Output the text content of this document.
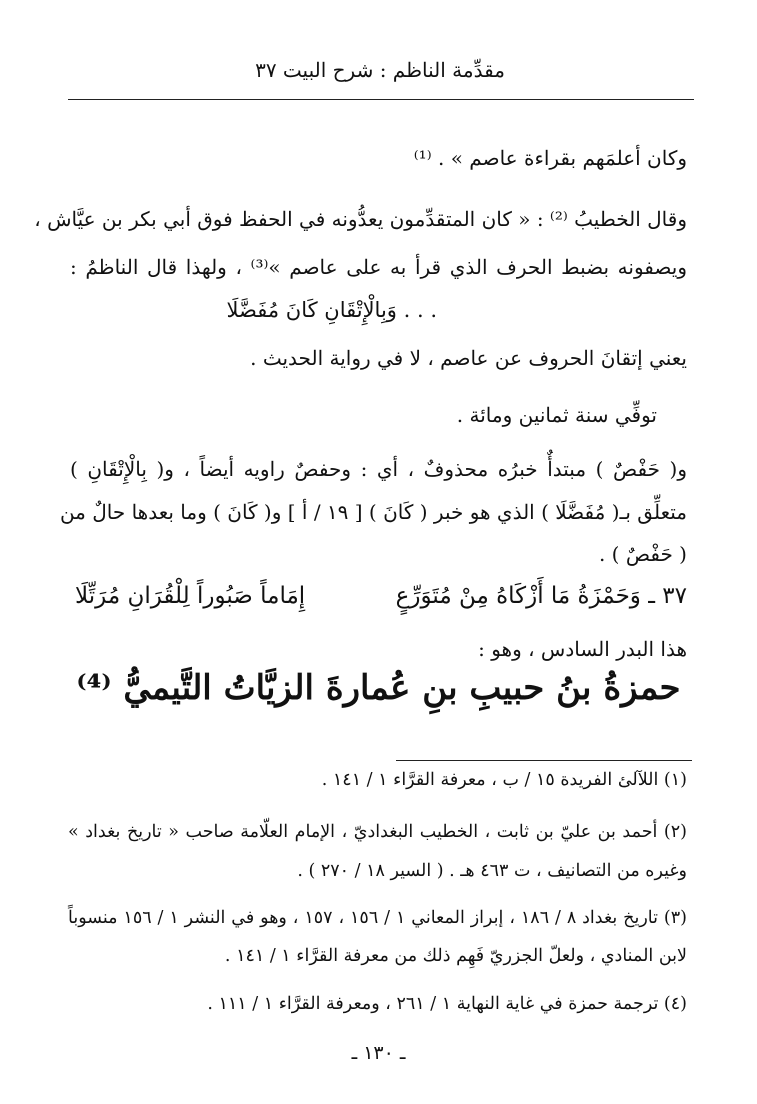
مقدِّمة الناظم : شرح البيت ٣٧
وكان أعلمَهم بقراءة عاصم » . ⁽¹⁾
وقال الخطيبُ ⁽²⁾ : « كان المتقدِّمون يعدُّونه في الحفظ فوق أبي بكر بن عيَّاش ،
ويصفونه بضبط الحرف الذي قرأ به على عاصم »⁽³⁾ ، ولهذا قال الناظمُ :
. . . وَبِالْإِتْقَانِ كَانَ مُفَضَّلَا
يعني إتقانَ الحروف عن عاصم ، لا في رواية الحديث .
توفِّي سنة ثمانين ومائة .
و( حَفْصٌ ) مبتدأٌ خبرُه محذوفٌ ، أي : وحفصٌ راويه أيضاً ، و( بِالْإِتْقَانِ )
متعلِّق بـ( مُفَضَّلَا ) الذي هو خبر ( كَانَ ) [ ١٩ / أ ] و( كَانَ ) وما بعدها حالٌ من
( حَفْصٌ ) .
٣٧ ـ وَحَمْزَةُ مَا أَزْكَاهُ مِنْ مُتَوَرِّعٍ
إِمَاماً صَبُوراً لِلْقُرَانِ مُرَتِّلَا
هذا البدر السادس ، وهو :
حمزةُ بنُ حبيبِ بنِ عُمارةَ الزيَّاتُ التَّيميُّ ⁽⁴⁾
(١) اللآلئ الفريدة ١٥ / ب ، معرفة القرَّاء ١ / ١٤١ .
(٢) أحمد بن عليّ بن ثابت ، الخطيب البغداديّ ، الإمام العلّامة صاحب « تاريخ بغداد »
وغيره من التصانيف ، ت ٤٦٣ هـ . ( السير ١٨ / ٢٧٠ ) .
(٣) تاريخ بغداد ٨ / ١٨٦ ، إبراز المعاني ١ / ١٥٦ ، ١٥٧ ، وهو في النشر ١ / ١٥٦ منسوباً
لابن المنادي ، ولعلّ الجزريّ فَهِم ذلك من معرفة القرَّاء ١ / ١٤١ .
(٤) ترجمة حمزة في غاية النهاية ١ / ٢٦١ ، ومعرفة القرَّاء ١ / ١١١ .
ـ ١٣٠ ـ
